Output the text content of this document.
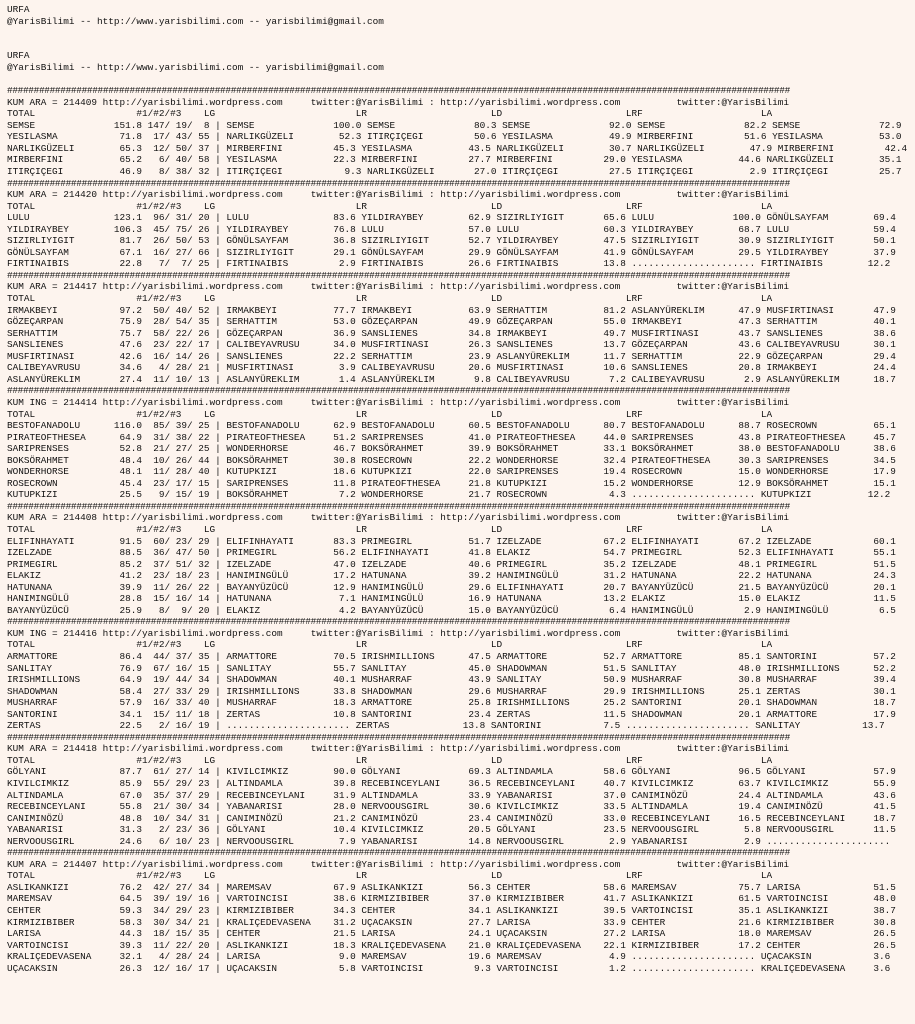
URFA
@YarisBilimi -- http://www.yarisbilimi.com -- yarisbilimi@gmail.com
URFA
@YarisBilimi -- http://www.yarisbilimi.com -- yarisbilimi@gmail.com
###################################################################################################################################################
KUM ARA = 214409 http://yarisbilimi.wordpress.com     twitter:@YarisBilimi : http://yarisbilimi.wordpress.com          twitter:@YarisBilimi
TOTAL                  #1/#2/#3    LG                         LR                      LD                      LRF                     LA
SEMSE              151.8 147/ 19/  8 | SEMSE              100.0 SEMSE              80.3 SEMSE              92.0 SEMSE              82.2 SEMSE              72.9
YESILASMA           71.8  17/ 43/ 55 | NARLIKGÜZELI        52.3 ITIRÇIÇEGI         50.6 YESILASMA          49.9 MIRBERFINI         51.6 YESILASMA          53.0
NARLIKGÜZELI        65.3  12/ 50/ 37 | MIRBERFINI         45.3 YESILASMA          43.5 NARLIKGÜZELI        30.7 NARLIKGÜZELI        47.9 MIRBERFINI         42.4
MIRBERFINI          65.2   6/ 40/ 58 | YESILASMA          22.3 MIRBERFINI         27.7 MIRBERFINI         29.0 YESILASMA          44.6 NARLIKGÜZELI        35.1
ITIRÇIÇEGI          46.9   8/ 38/ 32 | ITIRÇIÇEGI           9.3 NARLIKGÜZELI       27.0 ITIRÇIÇEGI         27.5 ITIRÇIÇEGI          2.9 ITIRÇIÇEGI         25.7
###################################################################################################################################################
KUM ARA = 214420 http://yarisbilimi.wordpress.com     twitter:@YarisBilimi : http://yarisbilimi.wordpress.com          twitter:@YarisBilimi
TOTAL                  #1/#2/#3    LG                         LR                      LD                      LRF                     LA
LULU               123.1  96/ 31/ 20 | LULU               83.6 YILDIRAYBEY        62.9 SIZIRLIYIGIT       65.6 LULU              100.0 GÖNÜLSAYFAM        69.4
YILDIRAYBEY        106.3  45/ 75/ 26 | YILDIRAYBEY        76.8 LULU               57.0 LULU               60.3 YILDIRAYBEY        68.7 LULU               59.4
SIZIRLIYIGIT        81.7  26/ 50/ 53 | GÖNÜLSAYFAM        36.8 SIZIRLIYIGIT       52.7 YILDIRAYBEY        47.5 SIZIRLIYIGIT       30.9 SIZIRLIYIGIT       50.1
GÖNÜLSAYFAM         67.1  16/ 27/ 66 | SIZIRLIYIGIT       29.1 GÖNÜLSAYFAM        29.9 GÖNÜLSAYFAM        41.9 GÖNÜLSAYFAM        29.5 YILDIRAYBEY        37.9
FIRTINAIBIS         22.8   7/  7/ 25 | FIRTINAIBIS         2.9 FIRTINAIBIS        26.6 FIRTINAIBIS        13.8 ...................... FIRTINAIBIS        12.2
###################################################################################################################################################
KUM ARA = 214417 http://yarisbilimi.wordpress.com     twitter:@YarisBilimi : http://yarisbilimi.wordpress.com          twitter:@YarisBilimi
TOTAL                  #1/#2/#3    LG                         LR                      LD                      LRF                     LA
IRMAKBEYI           97.2  50/ 40/ 52 | IRMAKBEYI          77.7 IRMAKBEYI          63.9 SERHATTIM          81.2 ASLANYÜREKLIM      47.9 MUSFIRTINASI       47.9
GÖZEÇARPAN          75.9  28/ 54/ 35 | SERHATTIM          53.0 GÖZEÇARPAN         49.9 GÖZEÇARPAN         55.0 IRMAKBEYI          47.3 SERHATTIM          40.1
SERHATTIM           75.7  58/ 22/ 26 | GÖZEÇARPAN         36.9 SANSLIENES         34.8 IRMAKBEYI          49.7 MUSFIRTINASI       43.7 SANSLIENES         38.6
SANSLIENES          47.6  23/ 22/ 17 | CALIBEYAVRUSU      34.0 MUSFIRTINASI       26.3 SANSLIENES         13.7 GÖZEÇARPAN         43.6 CALIBEYAVRUSU      30.1
MUSFIRTINASI        42.6  16/ 14/ 26 | SANSLIENES         22.2 SERHATTIM          23.9 ASLANYÜREKLIM      11.7 SERHATTIM          22.9 GÖZEÇARPAN         29.4
CALIBEYAVRUSU       34.6   4/ 28/ 21 | MUSFIRTINASI        3.9 CALIBEYAVRUSU      20.6 MUSFIRTINASI       10.6 SANSLIENES         20.8 IRMAKBEYI          24.4
ASLANYÜREKLIM       27.4  11/ 10/ 13 | ASLANYÜREKLIM       1.4 ASLANYÜREKLIM       9.8 CALIBEYAVRUSU       7.2 CALIBEYAVRUSU       2.9 ASLANYÜREKLIM      18.7
###################################################################################################################################################
KUM ING = 214414 http://yarisbilimi.wordpress.com     twitter:@YarisBilimi : http://yarisbilimi.wordpress.com          twitter:@YarisBilimi
TOTAL                  #1/#2/#3    LG                         LR                      LD                      LRF                     LA
BESTOFANADOLU      116.0  85/ 39/ 25 | BESTOFANADOLU      62.9 BESTOFANADOLU      60.5 BESTOFANADOLU      80.7 BESTOFANADOLU      88.7 ROSECROWN          65.1
PIRATEOFTHESEA      64.9  31/ 38/ 22 | PIRATEOFTHESEA     51.2 SARIPRENSES        41.0 PIRATEOFTHESEA     44.0 SARIPRENSES        43.8 PIRATEOFTHESEA     45.7
SARIPRENSES         52.8  21/ 27/ 25 | WONDERHORSE        46.7 BOKSÖRAHMET        39.9 BOKSÖRAHMET        33.1 BOKSÖRAHMET        38.0 BESTOFANADOLU      38.6
BOKSÖRAHMET         48.4  10/ 26/ 44 | BOKSÖRAHMET        30.8 ROSECROWN          22.2 WONDERHORSE        32.4 PIRATEOFTHESEA     30.3 SARIPRENSES        34.5
WONDERHORSE         48.1  11/ 28/ 40 | KUTUPKIZI          18.6 KUTUPKIZI          22.0 SARIPRENSES        19.4 ROSECROWN          15.0 WONDERHORSE        17.9
ROSECROWN           45.4  23/ 17/ 15 | SARIPRENSES        11.8 PIRATEOFTHESEA     21.8 KUTUPKIZI          15.2 WONDERHORSE        12.9 BOKSÖRAHMET        15.1
KUTUPKIZI           25.5   9/ 15/ 19 | BOKSÖRAHMET         7.2 WONDERHORSE        21.7 ROSECROWN           4.3 ...................... KUTUPKIZI          12.2
###################################################################################################################################################
KUM ARA = 214408 http://yarisbilimi.wordpress.com     twitter:@YarisBilimi : http://yarisbilimi.wordpress.com          twitter:@YarisBilimi
TOTAL                  #1/#2/#3    LG                         LR                      LD                      LRF                     LA
ELIFINHAYATI        91.5  60/ 23/ 29 | ELIFINHAYATI       83.3 PRIMEGIRL          51.7 IZELZADE           67.2 ELIFINHAYATI       67.2 IZELZADE           60.1
IZELZADE            88.5  36/ 47/ 50 | PRIMEGIRL          56.2 ELIFINHAYATI       41.8 ELAKIZ             54.7 PRIMEGIRL          52.3 ELIFINHAYATI       55.1
PRIMEGIRL           85.2  37/ 51/ 32 | IZELZADE           47.0 IZELZADE           40.6 PRIMEGIRL          35.2 IZELZADE           48.1 PRIMEGIRL          51.5
ELAKIZ              41.2  23/ 18/ 23 | HANIMINGÜLÜ        17.2 HATUNANA           39.2 HANIMINGÜLÜ        31.2 HATUNANA           22.2 HATUNANA           24.3
HATUNANA            39.9  11/ 26/ 22 | BAYANYÜZÜCÜ        12.9 HANIMINGÜLÜ        29.6 ELIFINHAYATI       20.7 BAYANYÜZÜCÜ        21.5 BAYANYÜZÜCÜ        20.1
HANIMINGÜLÜ         28.8  15/ 16/ 14 | HATUNANA            7.1 HANIMINGÜLÜ        16.9 HATUNANA           13.2 ELAKIZ             15.0 ELAKIZ             11.5
BAYANYÜZÜCÜ         25.9   8/  9/ 20 | ELAKIZ              4.2 BAYANYÜZÜCÜ        15.0 BAYANYÜZÜCÜ         6.4 HANIMINGÜLÜ         2.9 HANIMINGÜLÜ         6.5
###################################################################################################################################################
KUM ING = 214416 http://yarisbilimi.wordpress.com     twitter:@YarisBilimi : http://yarisbilimi.wordpress.com          twitter:@YarisBilimi
TOTAL                  #1/#2/#3    LG                         LR                      LD                      LRF                     LA
ARMATTORE           86.4  44/ 37/ 35 | ARMATTORE          70.5 IRISHMILLIONS      47.5 ARMATTORE          52.7 ARMATTORE          85.1 SANTORINI          57.2
SANLITAY            76.9  67/ 16/ 15 | SANLITAY           55.7 SANLITAY           45.0 SHADOWMAN          51.5 SANLITAY           48.0 IRISHMILLIONS      52.2
IRISHMILLIONS       64.9  19/ 44/ 34 | SHADOWMAN          40.1 MUSHARRAF          43.9 SANLITAY           50.9 MUSHARRAF          30.8 MUSHARRAF          39.4
SHADOWMAN           58.4  27/ 33/ 29 | IRISHMILLIONS      33.8 SHADOWMAN          29.6 MUSHARRAF          29.9 IRISHMILLIONS      25.1 ZERTAS             30.1
MUSHARRAF           57.9  16/ 33/ 40 | MUSHARRAF          18.3 ARMATTORE          25.8 IRISHMILLIONS      25.2 SANTORINI          20.1 SHADOWMAN          18.7
SANTORINI           34.1  15/ 11/ 18 | ZERTAS             10.8 SANTORINI          23.4 ZERTAS             11.5 SHADOWMAN          20.1 ARMATTORE          17.9
ZERTAS              22.5   2/ 16/ 19 | ...................... ZERTAS             13.8 SANTORINI           7.5 ...................... SANLITAY           13.7
###################################################################################################################################################
KUM ARA = 214418 http://yarisbilimi.wordpress.com     twitter:@YarisBilimi : http://yarisbilimi.wordpress.com          twitter:@YarisBilimi
TOTAL                  #1/#2/#3    LG                         LR                      LD                      LRF                     LA
GÖLYANI             87.7  61/ 27/ 14 | KIVILCIMKIZ        90.0 GÖLYANI            69.3 ALTINDAMLA         58.6 GÖLYANI            96.5 GÖLYANI            57.9
KIVILCIMKIZ         85.9  55/ 29/ 23 | ALTINDAMLA         39.8 RECEBINCEYLANI     36.5 RECEBINCEYLANI     40.7 KIVILCIMKIZ        63.7 KIVILCIMKIZ        55.9
ALTINDAMLA          67.0  35/ 37/ 29 | RECEBINCEYLANI     31.9 ALTINDAMLA         33.9 YABANARISI         37.0 CANIMINÖZÜ         24.4 ALTINDAMLA         43.6
RECEBINCEYLANI      55.8  21/ 30/ 34 | YABANARISI         28.0 NERVOOUSGIRL       30.6 KIVILCIMKIZ        33.5 ALTINDAMLA         19.4 CANIMINÖZÜ         41.5
CANIMINÖZÜ          48.8  10/ 34/ 31 | CANIMINÖZÜ         21.2 CANIMINÖZÜ         23.4 CANIMINÖZÜ         33.0 RECEBINCEYLANI     16.5 RECEBINCEYLANI     18.7
YABANARISI          31.3   2/ 23/ 36 | GÖLYANI            10.4 KIVILCIMKIZ        20.5 GÖLYANI            23.5 NERVOOUSGIRL        5.8 NERVOOUSGIRL       11.5
NERVOOUSGIRL        24.6   6/ 10/ 23 | NERVOOUSGIRL        7.9 YABANARISI         14.8 NERVOOUSGIRL        2.9 YABANARISI          2.9 ......................
###################################################################################################################################################
KUM ARA = 214407 http://yarisbilimi.wordpress.com     twitter:@YarisBilimi : http://yarisbilimi.wordpress.com          twitter:@YarisBilimi
TOTAL                  #1/#2/#3    LG                         LR                      LD                      LRF                     LA
ASLIKANKIZI         76.2  42/ 27/ 34 | MAREMSAV           67.9 ASLIKANKIZI        56.3 CEHTER             58.6 MAREMSAV           75.7 LARISA             51.5
MAREMSAV            64.5  39/ 19/ 16 | VARTOINCISI        38.6 KIRMIZIBIBER       37.0 KIRMIZIBIBER       41.7 ASLIKANKIZI        61.5 VARTOINCISI        48.0
CEHTER              59.3  34/ 29/ 23 | KIRMIZIBIBER       34.3 CEHTER             34.1 ASLIKANKIZI        39.5 VARTOINCISI        35.1 ASLIKANKIZI        38.7
KIRMIZIBIBER        58.3  30/ 34/ 21 | KRALIÇEDEVASENA    31.2 UÇACAKSIN          27.7 LARISA             33.9 CEHTER             21.6 KIRMIZIBIBER       30.8
LARISA              44.3  18/ 15/ 35 | CEHTER             21.5 LARISA             24.1 UÇACAKSIN          27.2 LARISA             18.0 MAREMSAV           26.5
VARTOINCISI         39.3  11/ 22/ 20 | ASLIKANKIZI        18.3 KRALIÇEDEVASENA    21.0 KRALIÇEDEVASENA    22.1 KIRMIZIBIBER       17.2 CEHTER             26.5
KRALIÇEDEVASENA     32.1   4/ 28/ 24 | LARISA              9.0 MAREMSAV           19.6 MAREMSAV            4.9 ...................... UÇACAKSIN           3.6
UÇACAKSIN           26.3  12/ 16/ 17 | UÇACAKSIN           5.8 VARTOINCISI         9.3 VARTOINCISI         1.2 ...................... KRALIÇEDEVASENA     3.6
